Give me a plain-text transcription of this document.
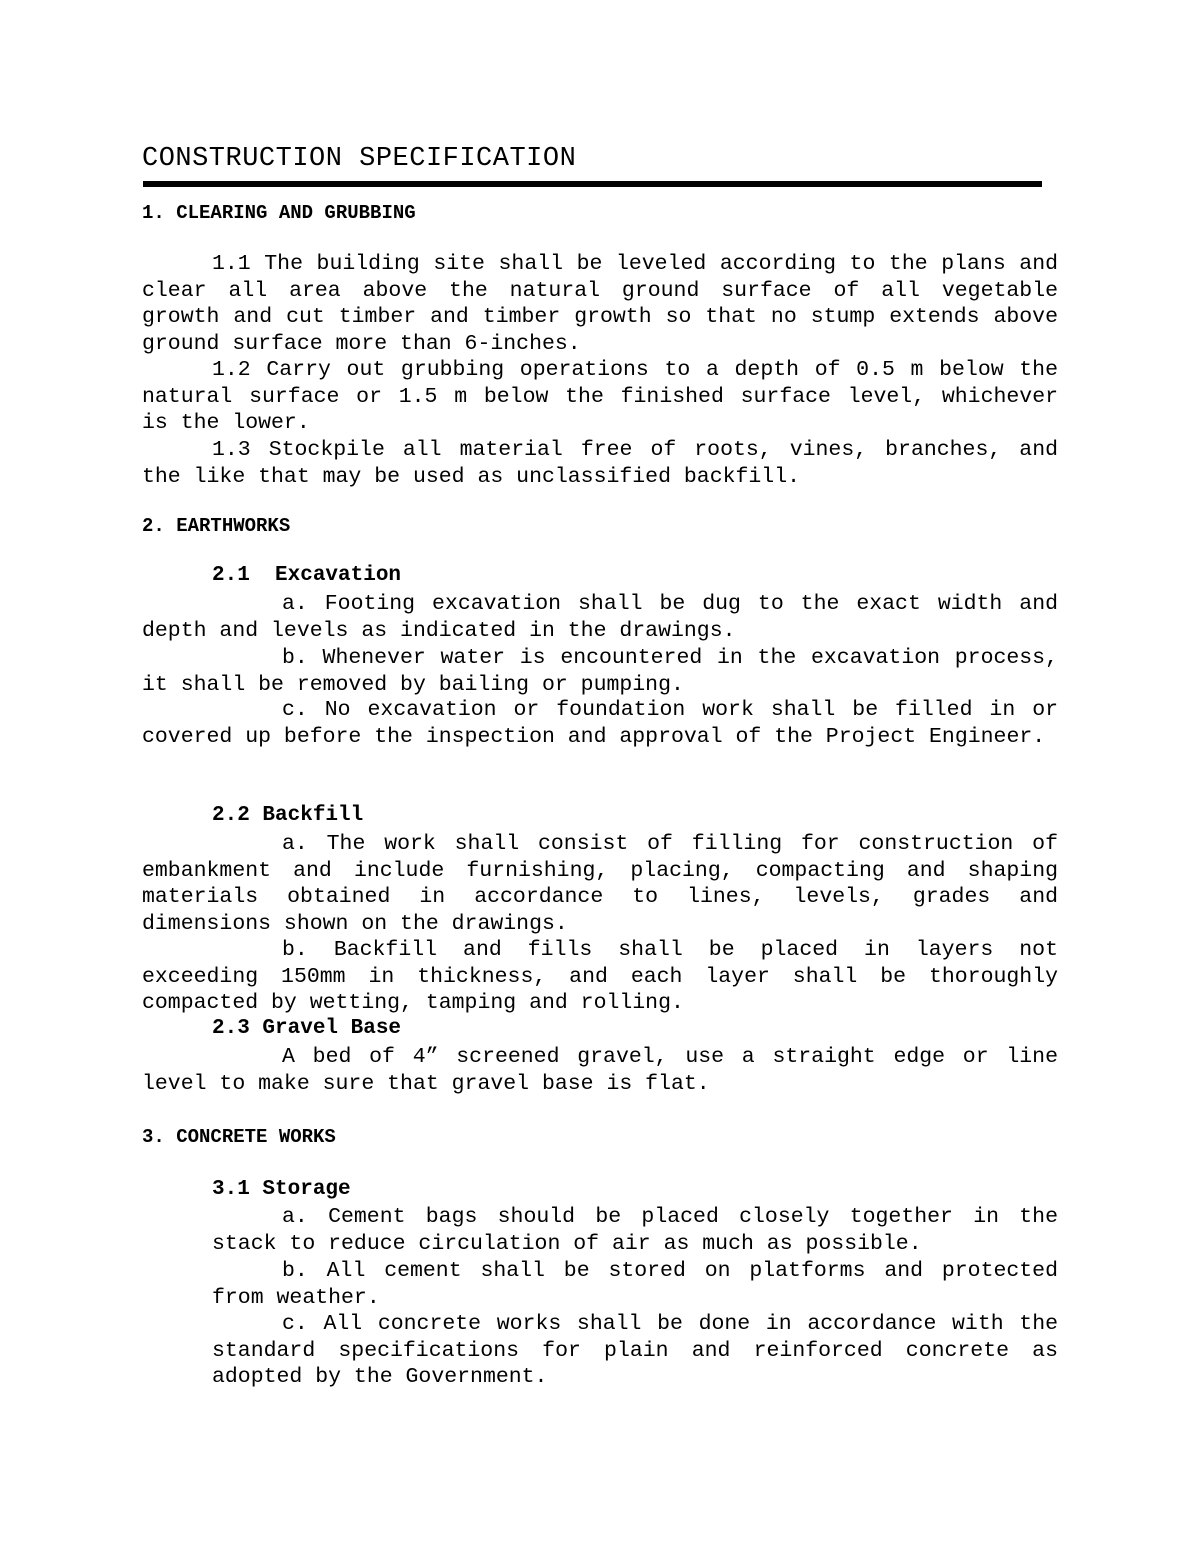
CONSTRUCTION SPECIFICATION
1. CLEARING AND GRUBBING

1.1 The building site shall be leveled according to the plans and clear all area above the natural ground surface of all vegetable growth and cut timber and timber growth so that no stump extends above ground surface more than 6-inches.

1.2 Carry out grubbing operations to a depth of 0.5 m below the natural surface or 1.5 m below the finished surface level, whichever is the lower.

1.3 Stockpile all material free of roots, vines, branches, and the like that may be used as unclassified backfill.

2. EARTHWORKS
2.1  Excavation

a. Footing excavation shall be dug to the exact width and depth and levels as indicated in the drawings.

b. Whenever water is encountered in the excavation process, it shall be removed by bailing or pumping.

c. No excavation or foundation work shall be filled in or covered up before the inspection and approval of the Project Engineer.

2.2 Backfill

a. The work shall consist of filling for construction of embankment and include furnishing, placing, compacting and shaping materials obtained in accordance to lines, levels, grades and dimensions shown on the drawings.

b. Backfill and fills shall be placed in layers not exceeding 150mm in thickness, and each layer shall be thoroughly compacted by wetting, tamping and rolling.

2.3 Gravel Base

A bed of 4” screened gravel, use a straight edge or line level to make sure that gravel base is flat.

3. CONCRETE WORKS
3.1 Storage

a. Cement bags should be placed closely together in the stack to reduce circulation of air as much as possible.

b. All cement shall be stored on platforms and protected from weather.

c. All concrete works shall be done in accordance with the standard specifications for plain and reinforced concrete as adopted by the Government.
